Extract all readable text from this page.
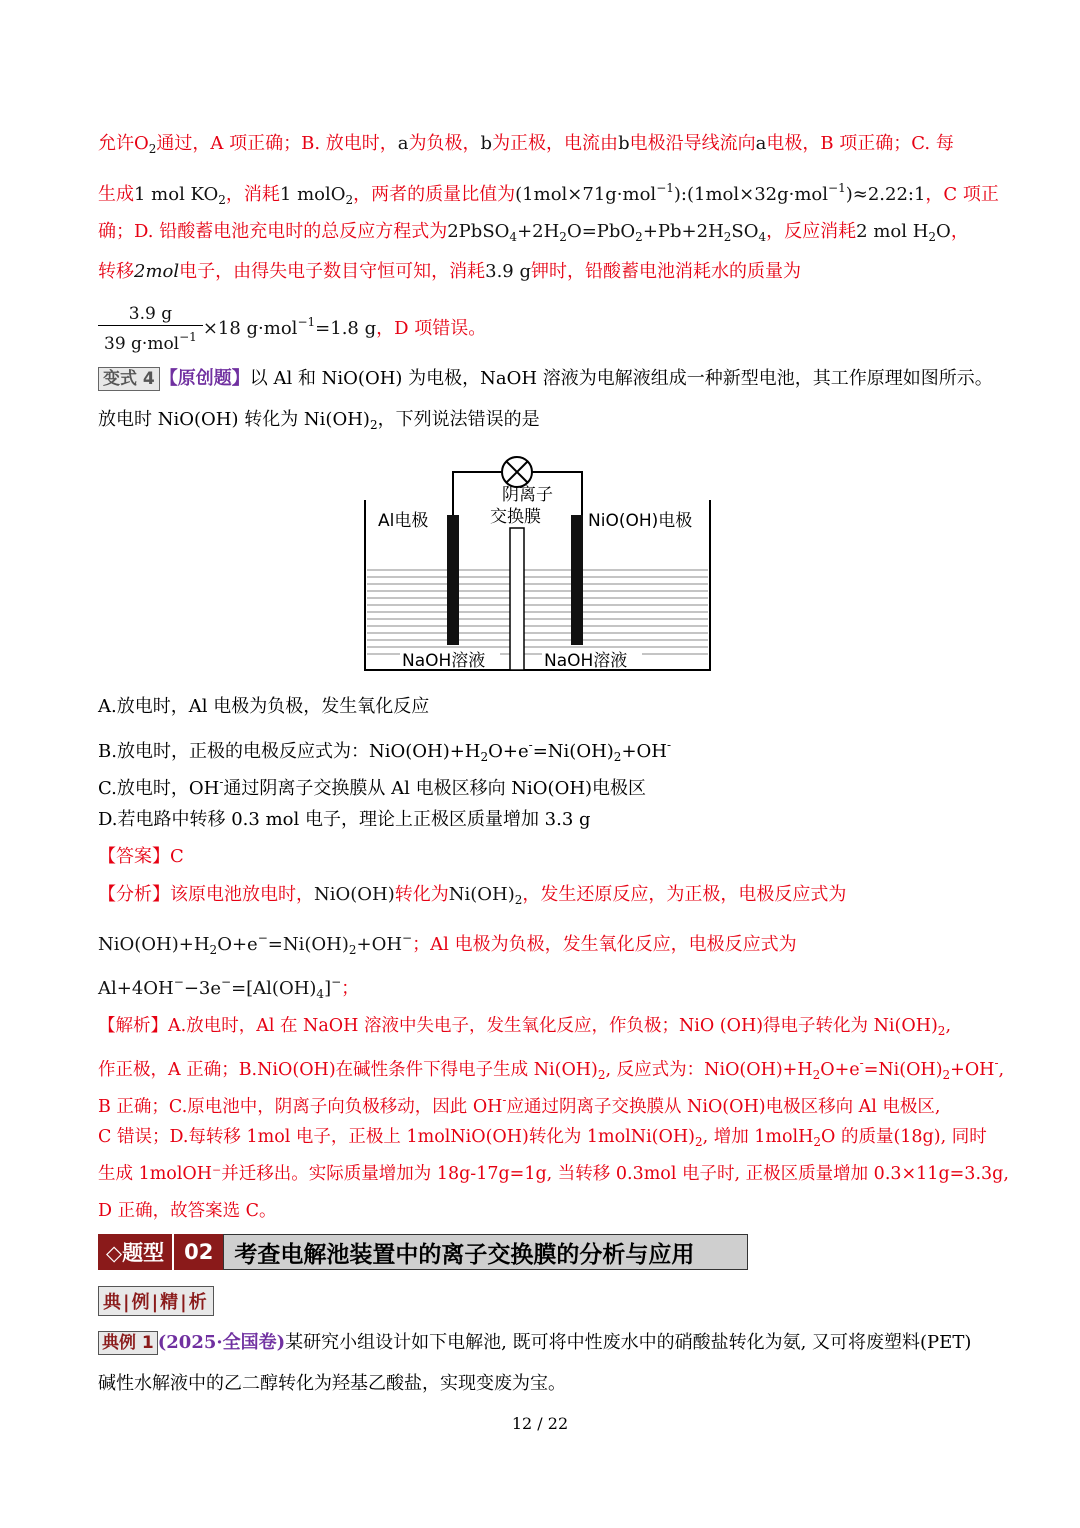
允许$O_2$通过，A 项正确；B. 放电时，a为负极，b为正极，电流由b电极沿导线流向a电极，B 项正确；C. 每
生成1 mol $KO_2$，消耗1 molO$_2$，两者的质量比值为(1mol×71g·mol$^{-1}$):(1mol×32g·mol$^{-1}$)≈2.22:1，C 项正
确；D. 铅酸蓄电池充电时的总反应方程式为$2PbSO_4+2H_2O=PbO_2+Pb+2H_2SO_4$，反应消耗2 mol $H_2O$，
转移2mol电子，由得失电子数目守恒可知，消耗3.9 g钾时，铅酸蓄电池消耗水的质量为
$\frac{3.9 g}{39 g\cdot mol^{-1}} \times 18$ g·mol$^{-1}$=1.8 g，D 项错误。
变式 4 【原创题】以 Al 和 NiO(OH) 为电极，NaOH 溶液为电解液组成一种新型电池，其工作原理如图所示。
放电时 NiO(OH) 转化为 $Ni(OH)_2$，下列说法错误的是
阴离子
交换膜
Al电极	NiO(OH)电极
NaOH溶液	NaOH溶液
A.放电时，Al 电极为负极，发生氧化反应
B.放电时，正极的电极反应式为：$NiO(OH)+H_2O+e^-=Ni(OH)_2+OH^-$
C.放电时，OH-通过阴离子交换膜从 Al 电极区移向 NiO(OH)电极区
D.若电路中转移 0.3 mol 电子，理论上正极区质量增加 3.3 g
【答案】C
【分析】该原电池放电时，NiO(OH)转化为$Ni(OH)_2$，发生还原反应，为正极，电极反应式为
$NiO(OH)+H_2O+e^-=Ni(OH)_2+OH^-$；Al 电极为负极，发生氧化反应，电极反应式为
$Al+4OH^--3e^-=[Al(OH)_4]^-$；
【解析】A.放电时，Al 在 NaOH 溶液中失电子，发生氧化反应，作负极；NiO (OH)得电子转化为 $Ni(OH)_2$,
作正极，A 正确；B.NiO(OH)在碱性条件下得电子生成 $Ni(OH)_2$, 反应式为：$NiO(OH)+H_2O+e^-=Ni(OH)_2+OH^-$,
B 正确；C.原电池中，阴离子向负极移动，因此 OH-应通过阴离子交换膜从 NiO(OH)电极区移向 Al 电极区,
C 错误；D.每转移 1mol 电子，正极上 1molNiO(OH)转化为 $1molNi(OH)_2$, 增加 1molH$_2$O 的质量(18g), 同时
生成 1molOH⁻并迁移出。实际质量增加为 18g-17g=1g, 当转移 0.3mol 电子时, 正极区质量增加 0.3×11g=3.3g,
D 正确，故答案选 C。
◇题型 02 考查电解池装置中的离子交换膜的分析与应用
典|例|精|析
典例 1 (2025·全国卷)某研究小组设计如下电解池, 既可将中性废水中的硝酸盐转化为氨, 又可将废塑料(PET)
碱性水解液中的乙二醇转化为羟基乙酸盐，实现变废为宝。
12 / 22
